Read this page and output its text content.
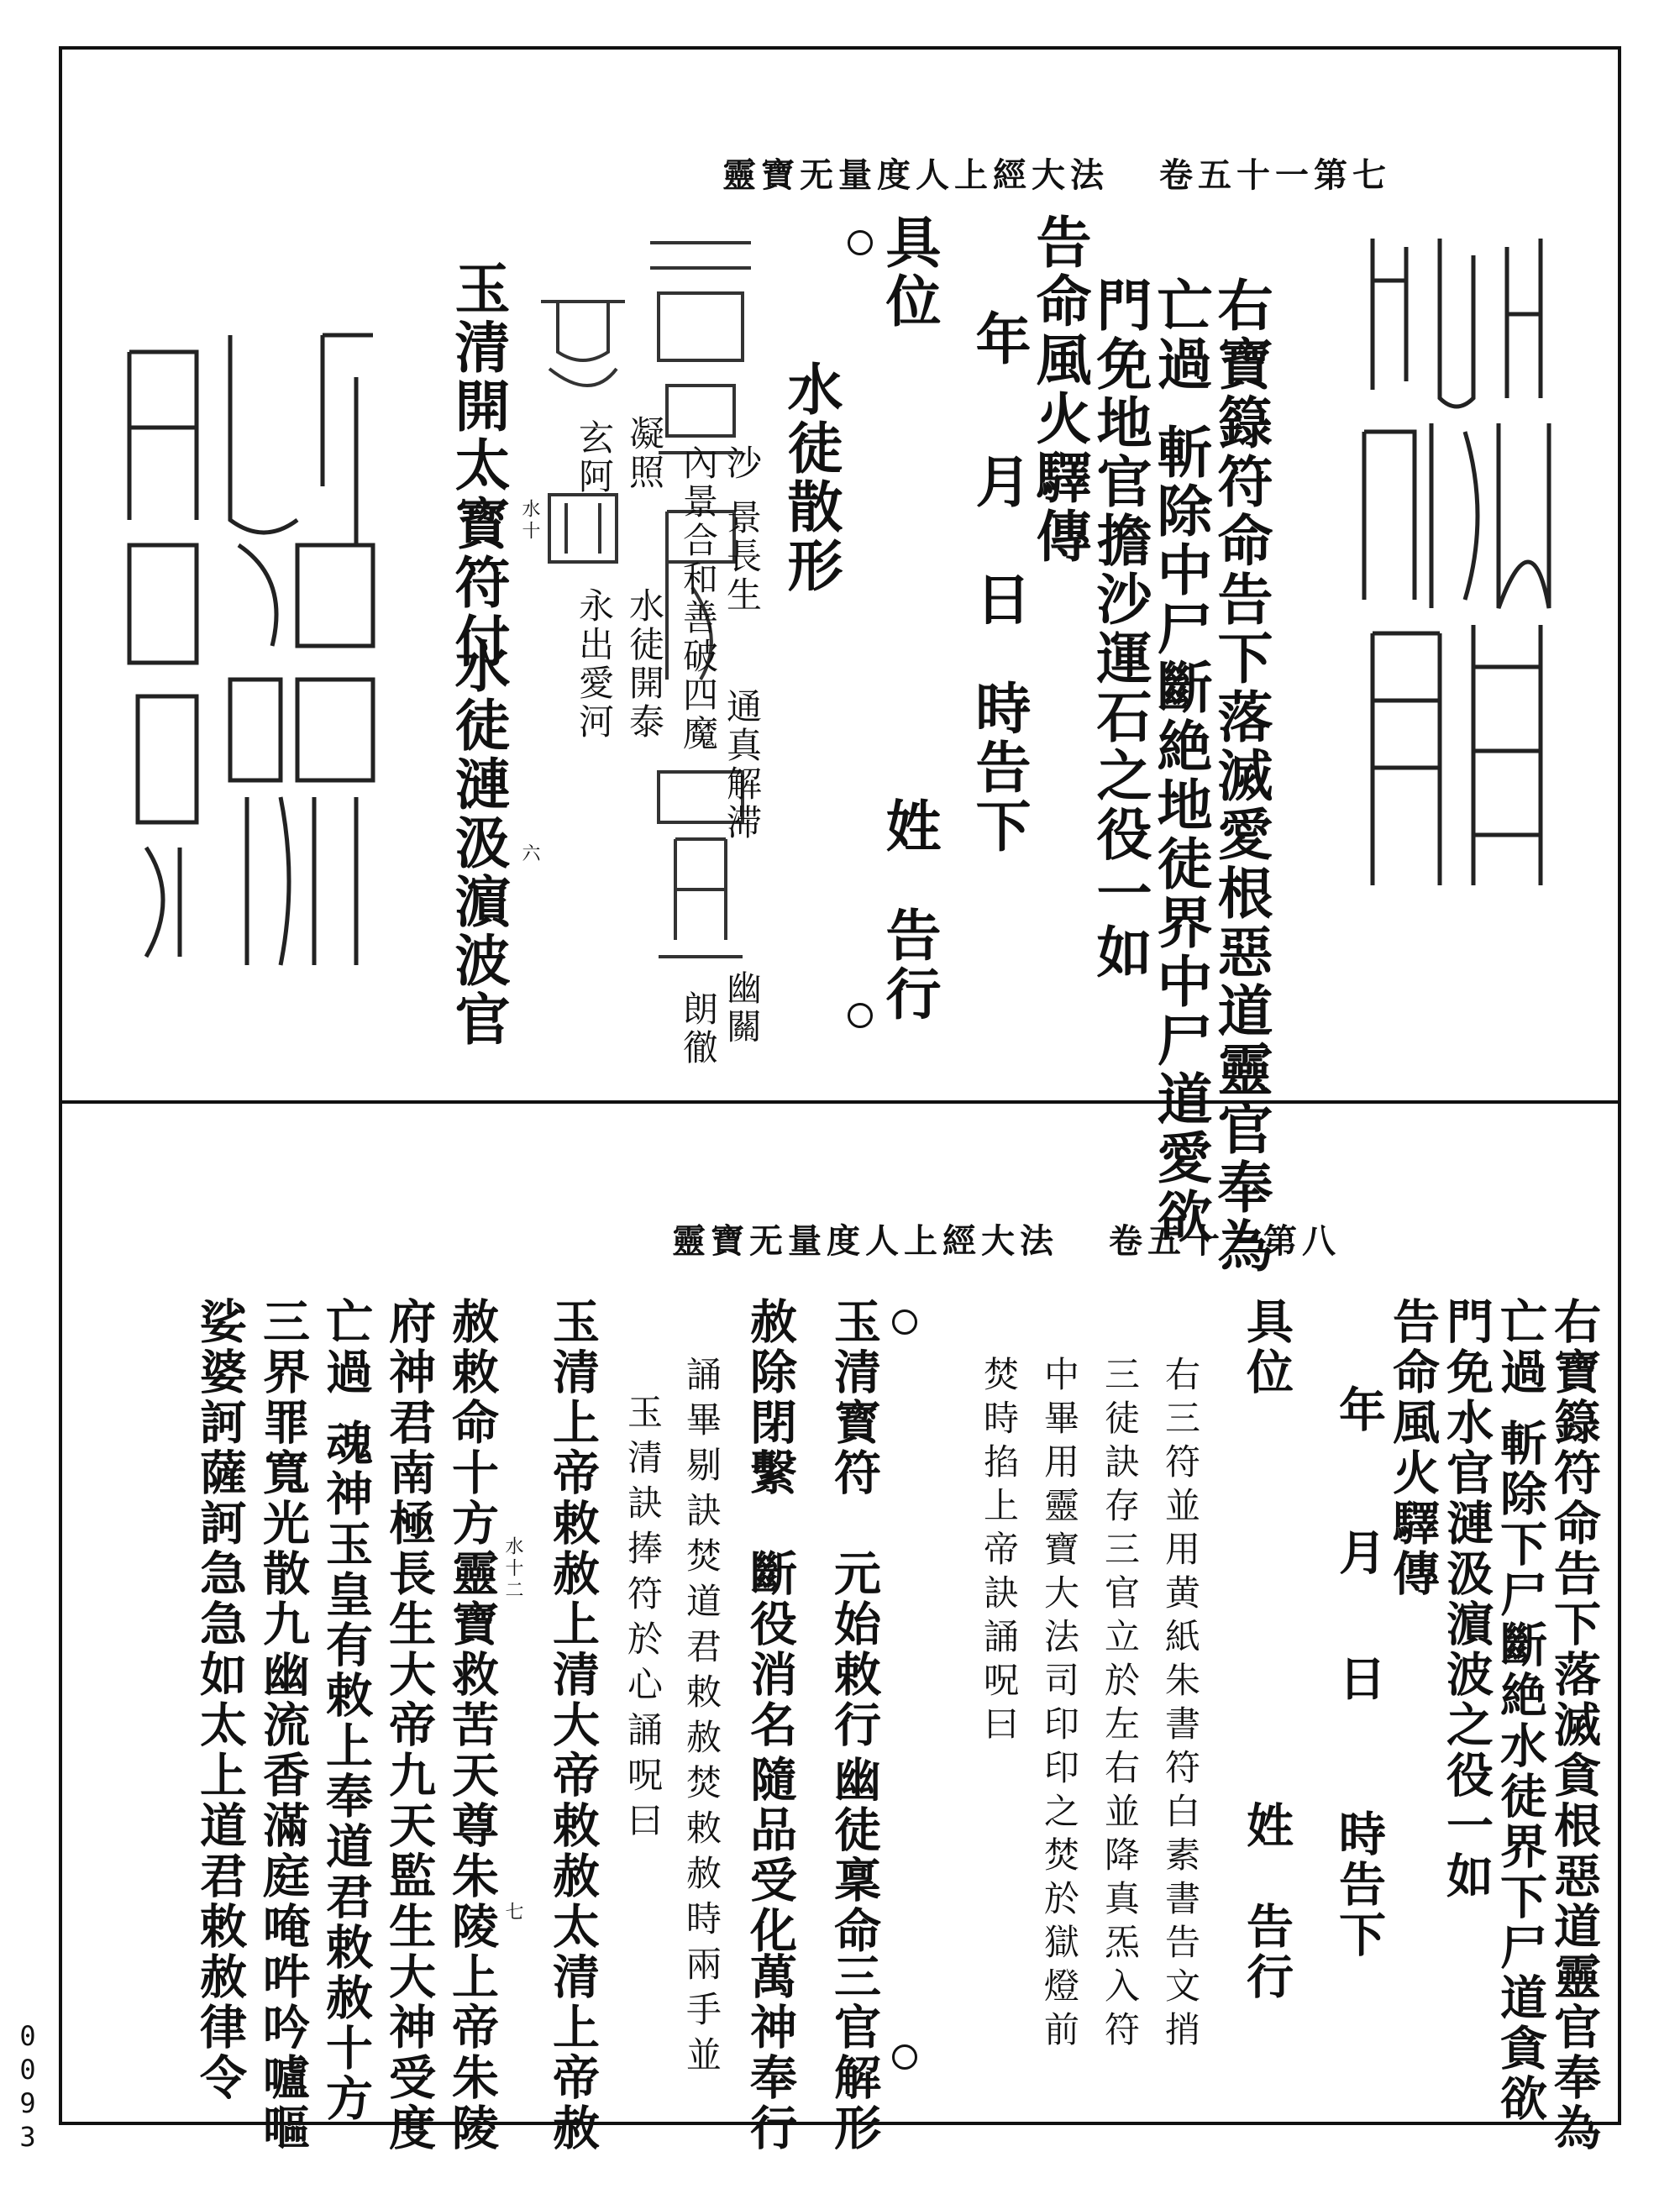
靈寶无量度人上經大法 卷五十一第七
右寶籙符命告下落滅愛根惡道靈官奉為
亡過
斬除中尸斷絶地徒界中尸道愛欲
門免地官擔沙運石之役一如
告命風火驛傳
年
月
日
時告下
具位
姓
告行
水徒散形
沙
景長生
通真解滞
幽關
內景合和善破四魔
朗徹
凝照
水徒開泰
玄阿
永出愛河
水十
六
玉清開太寳符付
水徒漣汲濵波官
靈寶无量度人上經大法 卷五十一第八
右寶籙符命告下落滅貪根惡道靈官奉為
亡過
斬除下尸斷絶水徒界下尸道貪欲
門免水官漣汲濵波之役一如
告命風火驛傳
年
月
日
時告下
具位
姓
告行
右三符並用黄紙朱書符白素書告文捎
三徒訣存三官立於左右並降真炁入符
中畢用靈寶大法司印印之焚於獄燈前
焚時掐上帝訣誦呪曰
玉清寳符
元始敕行
幽徒稟命
三官解形
赦除閉繫
斷役消名
隨品受化
萬神奉行
誦畢剔訣焚道君敕赦焚敕赦時兩手並
玉清訣捧符於心誦呪曰
水十二
七 玉清上帝敕赦上清大帝敕赦太清上帝赦
赦敕命十方靈寶救苦天尊朱陵上帝朱陵
府神君南極長生大帝九天監生大神受度
亡過
魂神玉皇有敕上奉道君敕赦十方
三界罪寬光散九幽流香滿庭唵吽吟嚧嘔
娑婆訶薩訶急急如太上道君敕赦律令
0093
